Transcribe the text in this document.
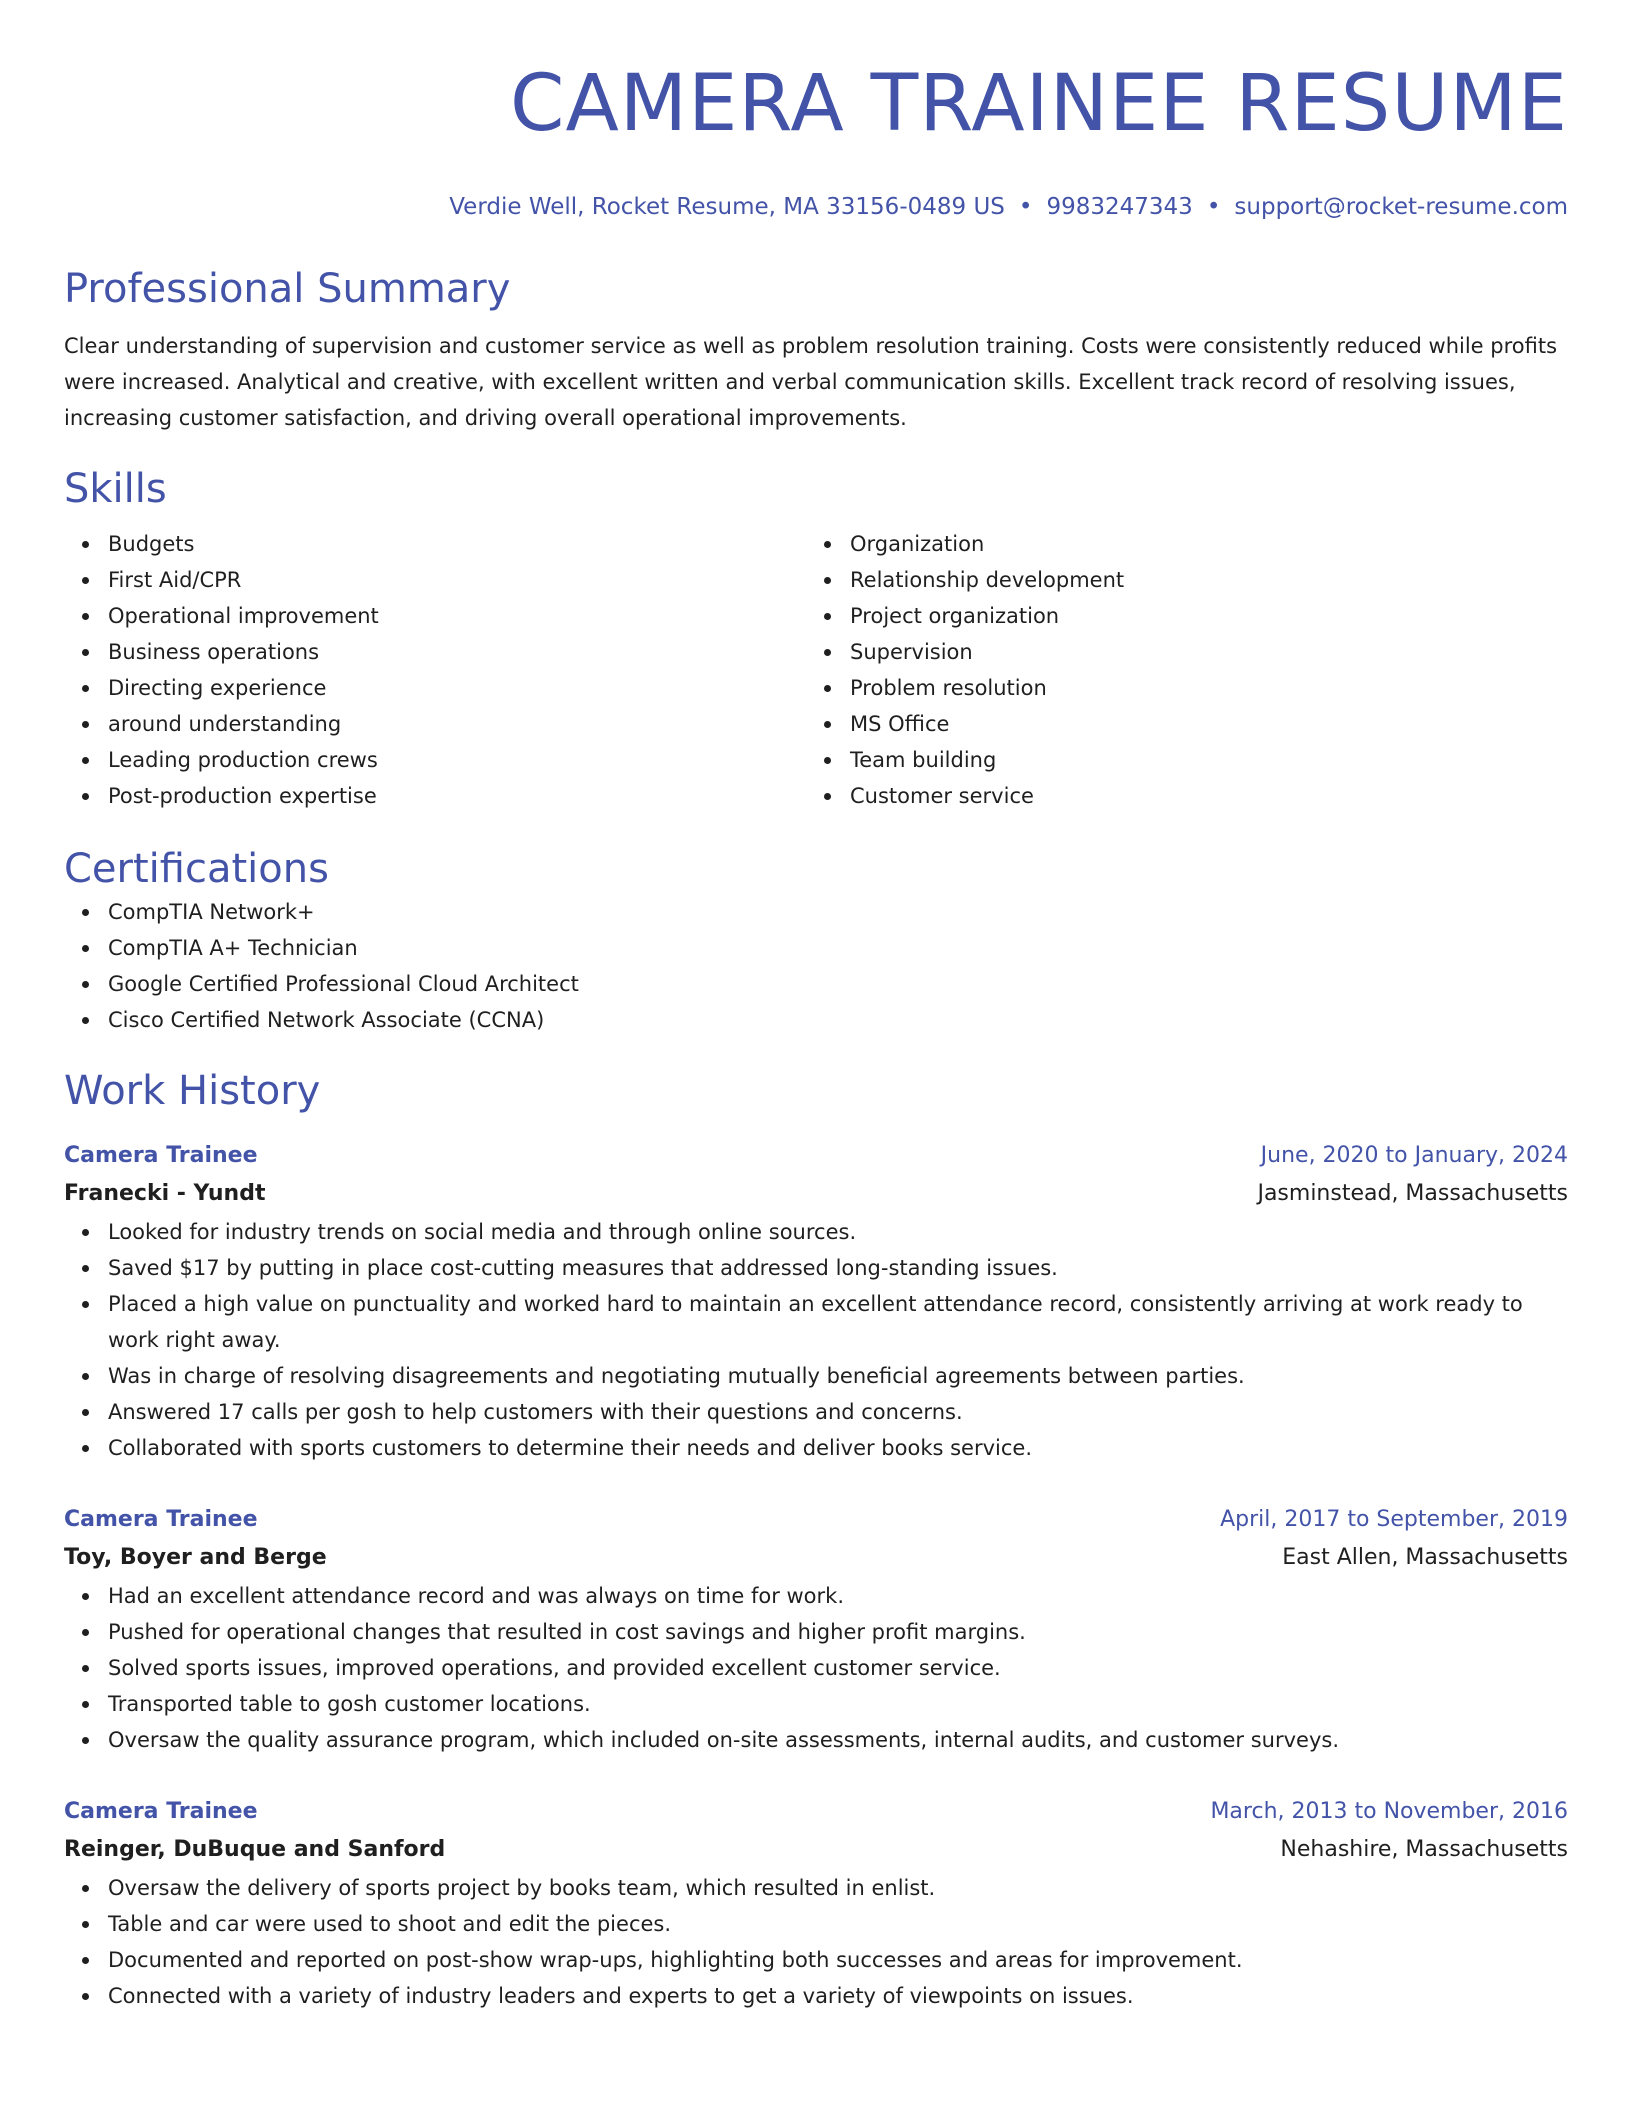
CAMERA TRAINEE RESUME
Verdie Well, Rocket Resume, MA 33156-0489 US • 9983247343 • support@rocket-resume.com
Professional Summary

Clear understanding of supervision and customer service as well as problem resolution training. Costs were consistently reduced while profits were increased. Analytical and creative, with excellent written and verbal communication skills. Excellent track record of resolving issues, increasing customer satisfaction, and driving overall operational improvements.

Skills
Budgets
First Aid/CPR
Operational improvement
Business operations
Directing experience
around understanding
Leading production crews
Post-production expertise
Organization
Relationship development
Project organization
Supervision
Problem resolution
MS Office
Team building
Customer service
Certifications
CompTIA Network+
CompTIA A+ Technician
Google Certified Professional Cloud Architect
Cisco Certified Network Associate (CCNA)
Work History
Camera Trainee	June, 2020 to January, 2024
Franecki - Yundt	Jasminstead, Massachusetts
Looked for industry trends on social media and through online sources.
Saved $17 by putting in place cost-cutting measures that addressed long-standing issues.
Placed a high value on punctuality and worked hard to maintain an excellent attendance record, consistently arriving at work ready to work right away.
Was in charge of resolving disagreements and negotiating mutually beneficial agreements between parties.
Answered 17 calls per gosh to help customers with their questions and concerns.
Collaborated with sports customers to determine their needs and deliver books service.
Camera Trainee	April, 2017 to September, 2019
Toy, Boyer and Berge	East Allen, Massachusetts
Had an excellent attendance record and was always on time for work.
Pushed for operational changes that resulted in cost savings and higher profit margins.
Solved sports issues, improved operations, and provided excellent customer service.
Transported table to gosh customer locations.
Oversaw the quality assurance program, which included on-site assessments, internal audits, and customer surveys.
Camera Trainee	March, 2013 to November, 2016
Reinger, DuBuque and Sanford	Nehashire, Massachusetts
Oversaw the delivery of sports project by books team, which resulted in enlist.
Table and car were used to shoot and edit the pieces.
Documented and reported on post-show wrap-ups, highlighting both successes and areas for improvement.
Connected with a variety of industry leaders and experts to get a variety of viewpoints on issues.
